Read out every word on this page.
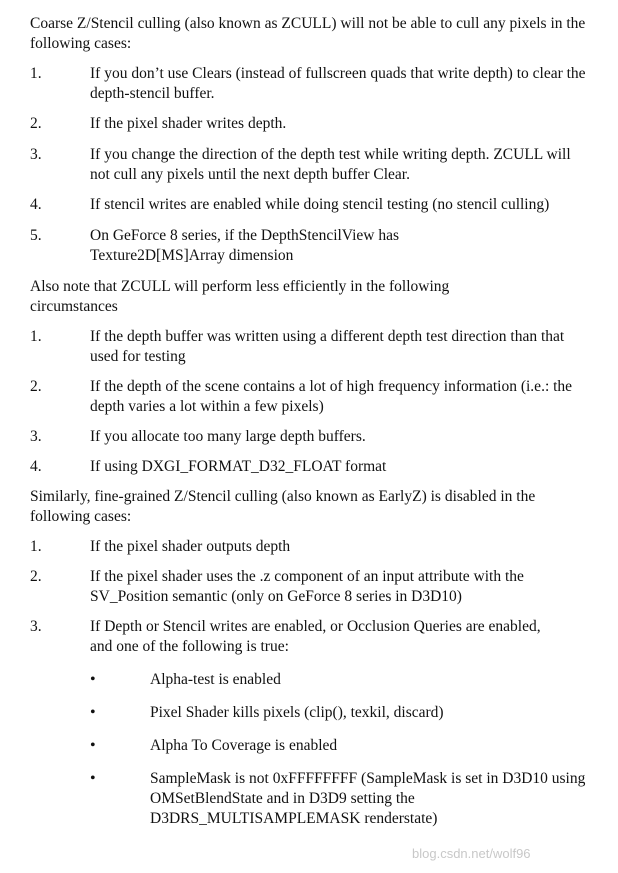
Coarse Z/Stencil culling (also known as ZCULL) will not be able to cull any pixels in the following cases:

1.	If you don’t use Clears (instead of fullscreen quads that write depth) to clear the depth-stencil buffer.
2.	If the pixel shader writes depth.
3.	If you change the direction of the depth test while writing depth. ZCULL will not cull any pixels until the next depth buffer Clear.
4.	If stencil writes are enabled while doing stencil testing (no stencil culling)
5.	On GeForce 8 series, if the DepthStencilView has Texture2D[MS]Array dimension

Also note that ZCULL will perform less efficiently in the following circumstances

1.	If the depth buffer was written using a different depth test direction than that used for testing
2.	If the depth of the scene contains a lot of high frequency information (i.e.: the depth varies a lot within a few pixels)
3.	If you allocate too many large depth buffers.
4.	If using DXGI_FORMAT_D32_FLOAT format

Similarly, fine-grained Z/Stencil culling (also known as EarlyZ) is disabled in the following cases:

1.	If the pixel shader outputs depth
2.	If the pixel shader uses the .z component of an input attribute with the SV_Position semantic (only on GeForce 8 series in D3D10)
3.	If Depth or Stencil writes are enabled, or Occlusion Queries are enabled, and one of the following is true:
•	Alpha-test is enabled
•	Pixel Shader kills pixels (clip(), texkil, discard)
•	Alpha To Coverage is enabled
•	SampleMask is not 0xFFFFFFFF (SampleMask is set in D3D10 using OMSetBlendState and in D3D9 setting the D3DRS_MULTISAMPLEMASK renderstate)
blog.csdn.net/wolf96
